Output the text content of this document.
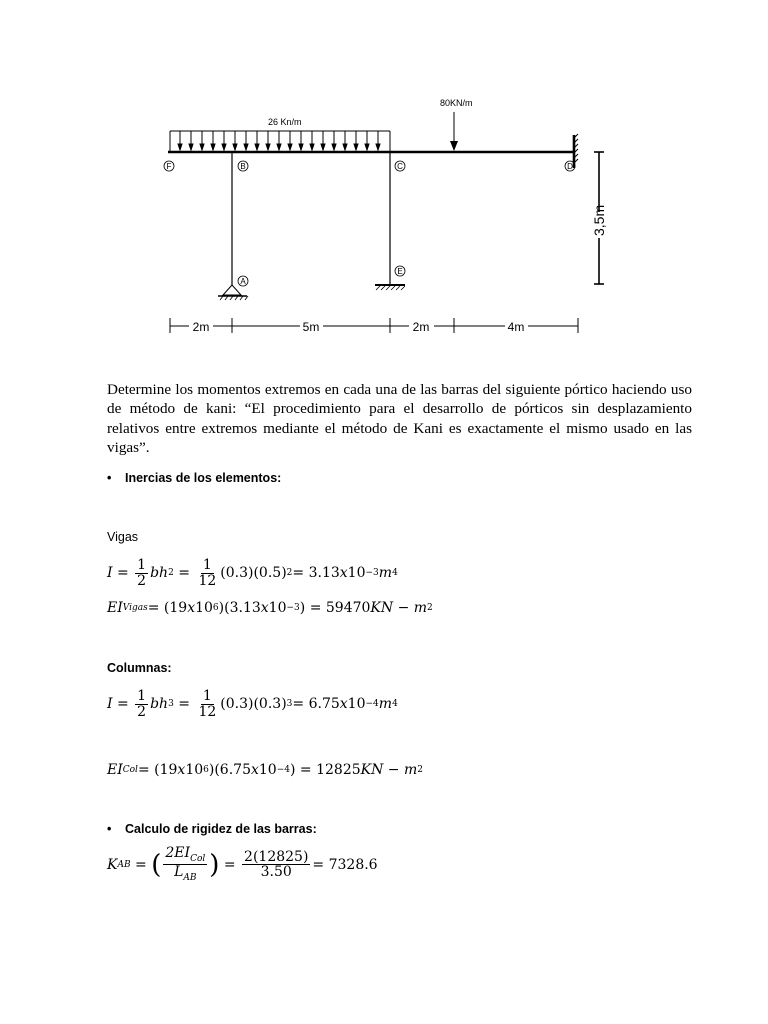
26 Kn/m
80KN/m
F	B	C	D
A
E
3,5m
2m	5m	2m	4m

Determine los momentos extremos en cada una de las barras del siguiente pórtico haciendo uso de método de kani: “El procedimiento para el desarrollo de pórticos sin desplazamiento relativos entre extremos mediante el método de Kani es exactamente el mismo usado en las vigas”.

• Inercias de los elementos:
Vigas
I =
$\frac{1}{2}$ bh $2 = \frac{1}{12} (0.3)(0.5) 2 = 3.13$ x 10 −3 m 4
EI Vigas = (19 x 10 6 )(3.13 x 10 −3 ) = 59470 KN − m 2
Columnas:
I =
$\frac{1}{2}$ bh $3 = \frac{1}{12} (0.3)(0.3) 3 = 6.75$ x 10 −4 m 4
EI Col = (19 x 10 6 )(6.75 x 10 −4 ) = 12825 KN − m 2
• Calculo de rigidez de las barras:
K AB = ( $\frac{2EI_{Col}}{L_{AB}}$ ) = $\frac{2(12825)}{3.50} = 7328.6$
